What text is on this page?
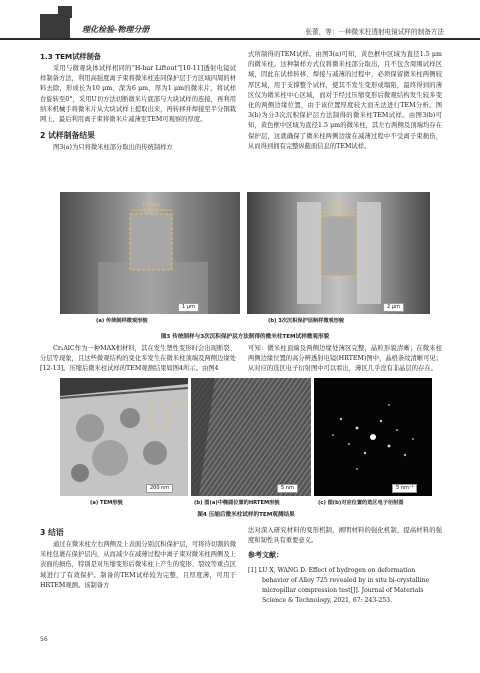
理化检验-物理分册	张蕾，等：一种微米柱透射电镜试样的制备方法
1.3 TEM试样制备

采用与微观块体试样相同的“H-bar Liftout”[10-11]透射电镜试样制备方法，利用高强度离子束将微米柱连同保护层于方区域四周的材料去除，形成长为10 μm、深为6 μm、厚为1 μm的微米片，将试样台旋转至0°，采用U切方法切断微米片底部与大块试样的连接，再利用纳米机械手将微米片从大块试样上提取出来，再转移并焊接至半分铜栽网上，最后利用离子束将微米片减薄至TEM可观察的厚度。

2 试样制备结果

图3(a)为只将微米柱部分取出的传统制样方

式所制得的TEM试样。由图3(a)可知，黄色框中区域为直径1.5 μm的微米柱。这种制样方式仅将微米柱部分取出，且不包含周围试样区域，因此在试样转移、焊接与减薄的过程中，必须保留微米柱两侧较厚区域，用于支撑整个试样，使其不发生变形或塌陷，最终得到的薄区仅为微米柱中心区域，而对于经过压缩变形后微观结构发生较多变化的两侧边缘位置，由于该位置厚度较大而无法进行TEM分析。图3(b)为分3次沉积保护层方法制得的微米柱TEM试样。由图3(b)可知，黄色框中区域为直径1.5 μm的微米柱，其左右两侧及顶端均存在保护层，这就确保了微米柱两侧边缘在减薄过程中不受离子束损伤，从而得到拥有完整纵截面信息的TEM试样。

1.5 μm
1 μm
1.5 μm
2 μm
(a) 传统制样微观形貌	(b) 3次沉积保护层制样微观形貌
图3 传统制样与3次沉积保护层方法制得的微米柱TEM试样微观形貌

Cr₂AlC作为一种MAX相材料，其在发生塑性变形时会出现断裂、分层等现象，且这些微观结构的变化多发生在微米柱顶端及两侧边缘处[12-13]。压缩后微米柱试样的TEM观测结果如图4所示。由图4

可知：微米柱顶端及两侧边缘处薄区完整，晶粒形貌清晰；在微米柱两侧边缘位置的高分辨透射电镜(HRTEM)图中，晶格条纹清晰可见；从对应的选区电子衍射图中可以看出，薄区几乎没有非晶层的存在。

200 nm	5 nm	5 nm⁻¹
(a) TEM形貌	(b) 图(a)中椭圆位置的HRTEM形貌	(c) 图(b)对应位置的选区电子衍射图
图4 压缩后微米柱试样的TEM观测结果
3 结语

通过在微米柱左右两侧及上表面分别沉积保护层，可将待切割的微米柱包裹在保护层内，从而减少在减薄过程中离子束对微米柱两侧及上表面的损伤，特别是对压缩变形后微米柱上产生的变形、裂纹等重点区域进行了有效保护。制备的TEM试样较为完整，且厚度薄，可用于HRTEM观测。该制备方

法对深入研究材料的变形机制，阐明材料的强化机制，提高材料的强度和韧性具有重要意义。

参考文献：
[1] LU X, WANG D. Effect of hydrogen on deformation behavior of Alloy 725 revealed by in situ bi-crystalline micropillar compression test[J]. Journal of Materials Science & Technology, 2021, 67: 243-253.
56
